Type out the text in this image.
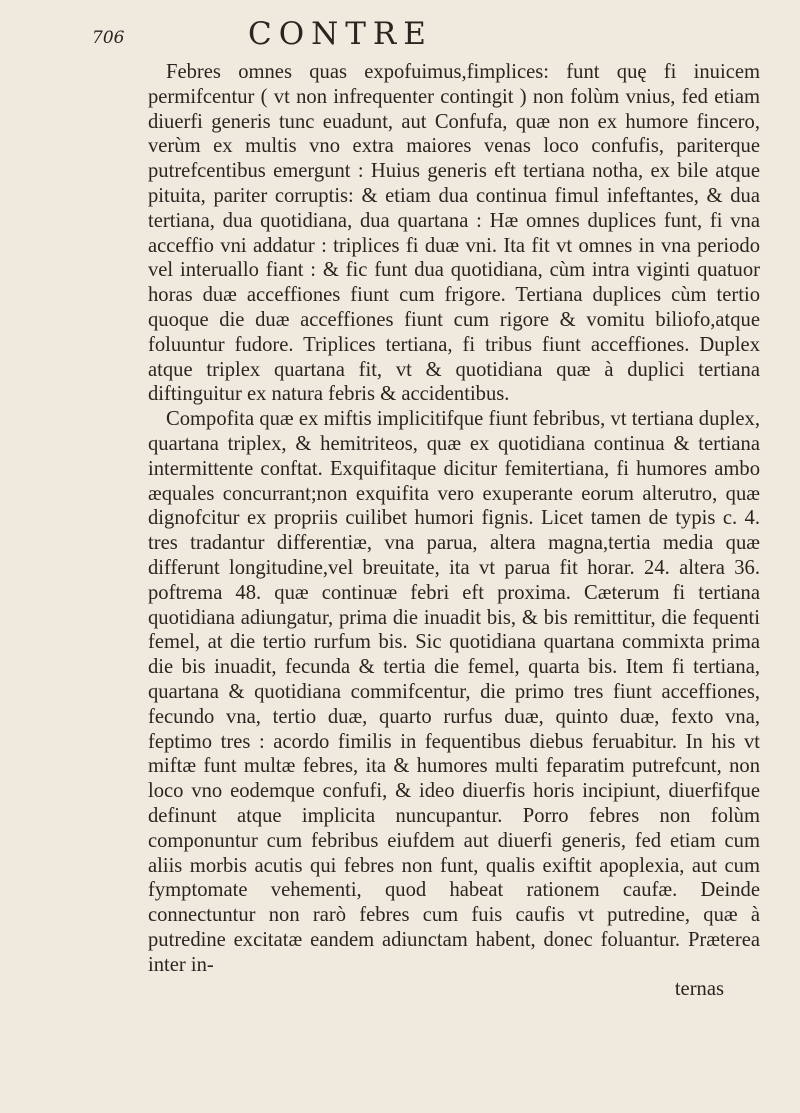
706	CONTRE

Febres omnes quas expofuimus,fimplices: funt quę fi inuicem permifcentur ( vt non infrequenter contingit ) non folùm vnius, fed etiam diuerfi generis tunc euadunt, aut Confufa, quæ non ex humore fincero, verùm ex multis vno extra maiores venas loco confufis, pariterque putrefcentibus emergunt : Huius generis eft tertiana notha, ex bile atque pituita, pariter corruptis: & etiam dua continua fimul infeftantes, & dua tertiana, dua quotidiana, dua quartana : Hæ omnes duplices funt, fi vna acceffio vni addatur : triplices fi duæ vni. Ita fit vt omnes in vna periodo vel interuallo fiant : & fic funt dua quotidiana, cùm intra viginti quatuor horas duæ acceffiones fiunt cum frigore. Tertiana duplices cùm tertio quoque die duæ acceffiones fiunt cum rigore & vomitu biliofo,atque foluuntur fudore. Triplices tertiana, fi tribus fiunt acceffiones. Duplex atque triplex quartana fit, vt & quotidiana quæ à duplici tertiana diftinguitur ex natura febris & accidentibus.

Compofita quæ ex miftis implicitifque fiunt febribus, vt tertiana duplex, quartana triplex, & hemitriteos, quæ ex quotidiana continua & tertiana intermittente conftat. Exquifitaque dicitur femitertiana, fi humores ambo æquales concurrant;non exquifita vero exuperante eorum alterutro, quæ dignofcitur ex propriis cuilibet humori fignis. Licet tamen de typis c. 4. tres tradantur differentiæ, vna parua, altera magna,tertia media quæ differunt longitudine,vel breuitate, ita vt parua fit horar. 24. altera 36. poftrema 48. quæ continuæ febri eft proxima. Cæterum fi tertiana quotidiana adiungatur, prima die inuadit bis, & bis remittitur, die fequenti femel, at die tertio rurfum bis. Sic quotidiana quartana commixta prima die bis inuadit, fecunda & tertia die femel, quarta bis. Item fi tertiana, quartana & quotidiana commifcentur, die primo tres fiunt acceffiones, fecundo vna, tertio duæ, quarto rurfus duæ, quinto duæ, fexto vna, feptimo tres : acordo fimilis in fequentibus diebus feruabitur. In his vt miftæ funt multæ febres, ita & humores multi feparatim putrefcunt, non loco vno eodemque confufi, & ideo diuerfis horis incipiunt, diuerfifque definunt atque implicita nuncupantur. Porro febres non folùm componuntur cum febribus eiufdem aut diuerfi generis, fed etiam cum aliis morbis acutis qui febres non funt, qualis exiftit apoplexia, aut cum fymptomate vehementi, quod habeat rationem caufæ. Deinde connectuntur non rarò febres cum fuis caufis vt putredine, quæ à putredine excitatæ eandem adiunctam habent, donec foluantur. Præterea inter in-

ternas
